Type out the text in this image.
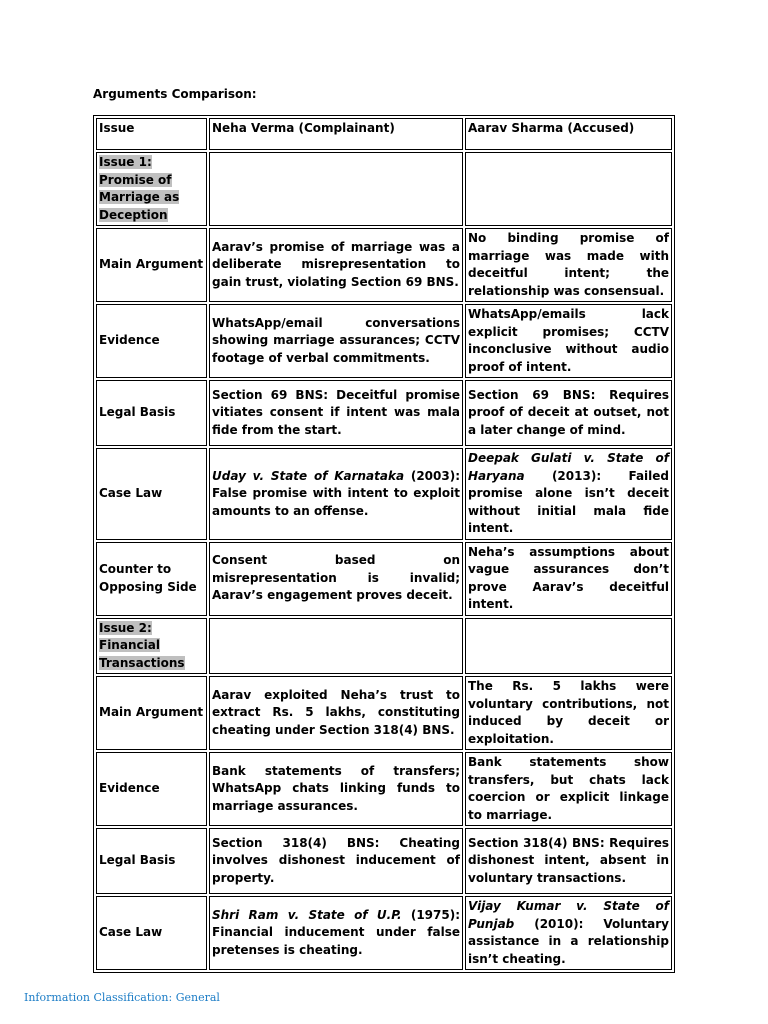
Arguments Comparison:
Issue	Neha Verma (Complainant)	Aarav Sharma (Accused)
Issue 1: Promise of Marriage as Deception		
Main Argument	Aarav’s promise of marriage was a deliberate misrepresentation to gain trust, violating Section 69 BNS.	No binding promise of marriage was made with deceitful intent; the relationship was consensual.
Evidence	WhatsApp/email conversations showing marriage assurances; CCTV footage of verbal commitments.	WhatsApp/emails lack explicit promises; CCTV inconclusive without audio proof of intent.
Legal Basis	Section 69 BNS: Deceitful promise vitiates consent if intent was mala fide from the start.	Section 69 BNS: Requires proof of deceit at outset, not a later change of mind.
Case Law	Uday v. State of Karnataka (2003): False promise with intent to exploit amounts to an offense.	Deepak Gulati v. State of Haryana (2013): Failed promise alone isn’t deceit without initial mala fide intent.
Counter to Opposing Side	Consent based on misrepresentation is invalid; Aarav’s engagement proves deceit.	Neha’s assumptions about vague assurances don’t prove Aarav’s deceitful intent.
Issue 2: Financial Transactions		
Main Argument	Aarav exploited Neha’s trust to extract Rs. 5 lakhs, constituting cheating under Section 318(4) BNS.	The Rs. 5 lakhs were voluntary contributions, not induced by deceit or exploitation.
Evidence	Bank statements of transfers; WhatsApp chats linking funds to marriage assurances.	Bank statements show transfers, but chats lack coercion or explicit linkage to marriage.
Legal Basis	Section 318(4) BNS: Cheating involves dishonest inducement of property.	Section 318(4) BNS: Requires dishonest intent, absent in voluntary transactions.
Case Law	Shri Ram v. State of U.P. (1975): Financial inducement under false pretenses is cheating.	Vijay Kumar v. State of Punjab (2010): Voluntary assistance in a relationship isn’t cheating.
Information Classification: General
